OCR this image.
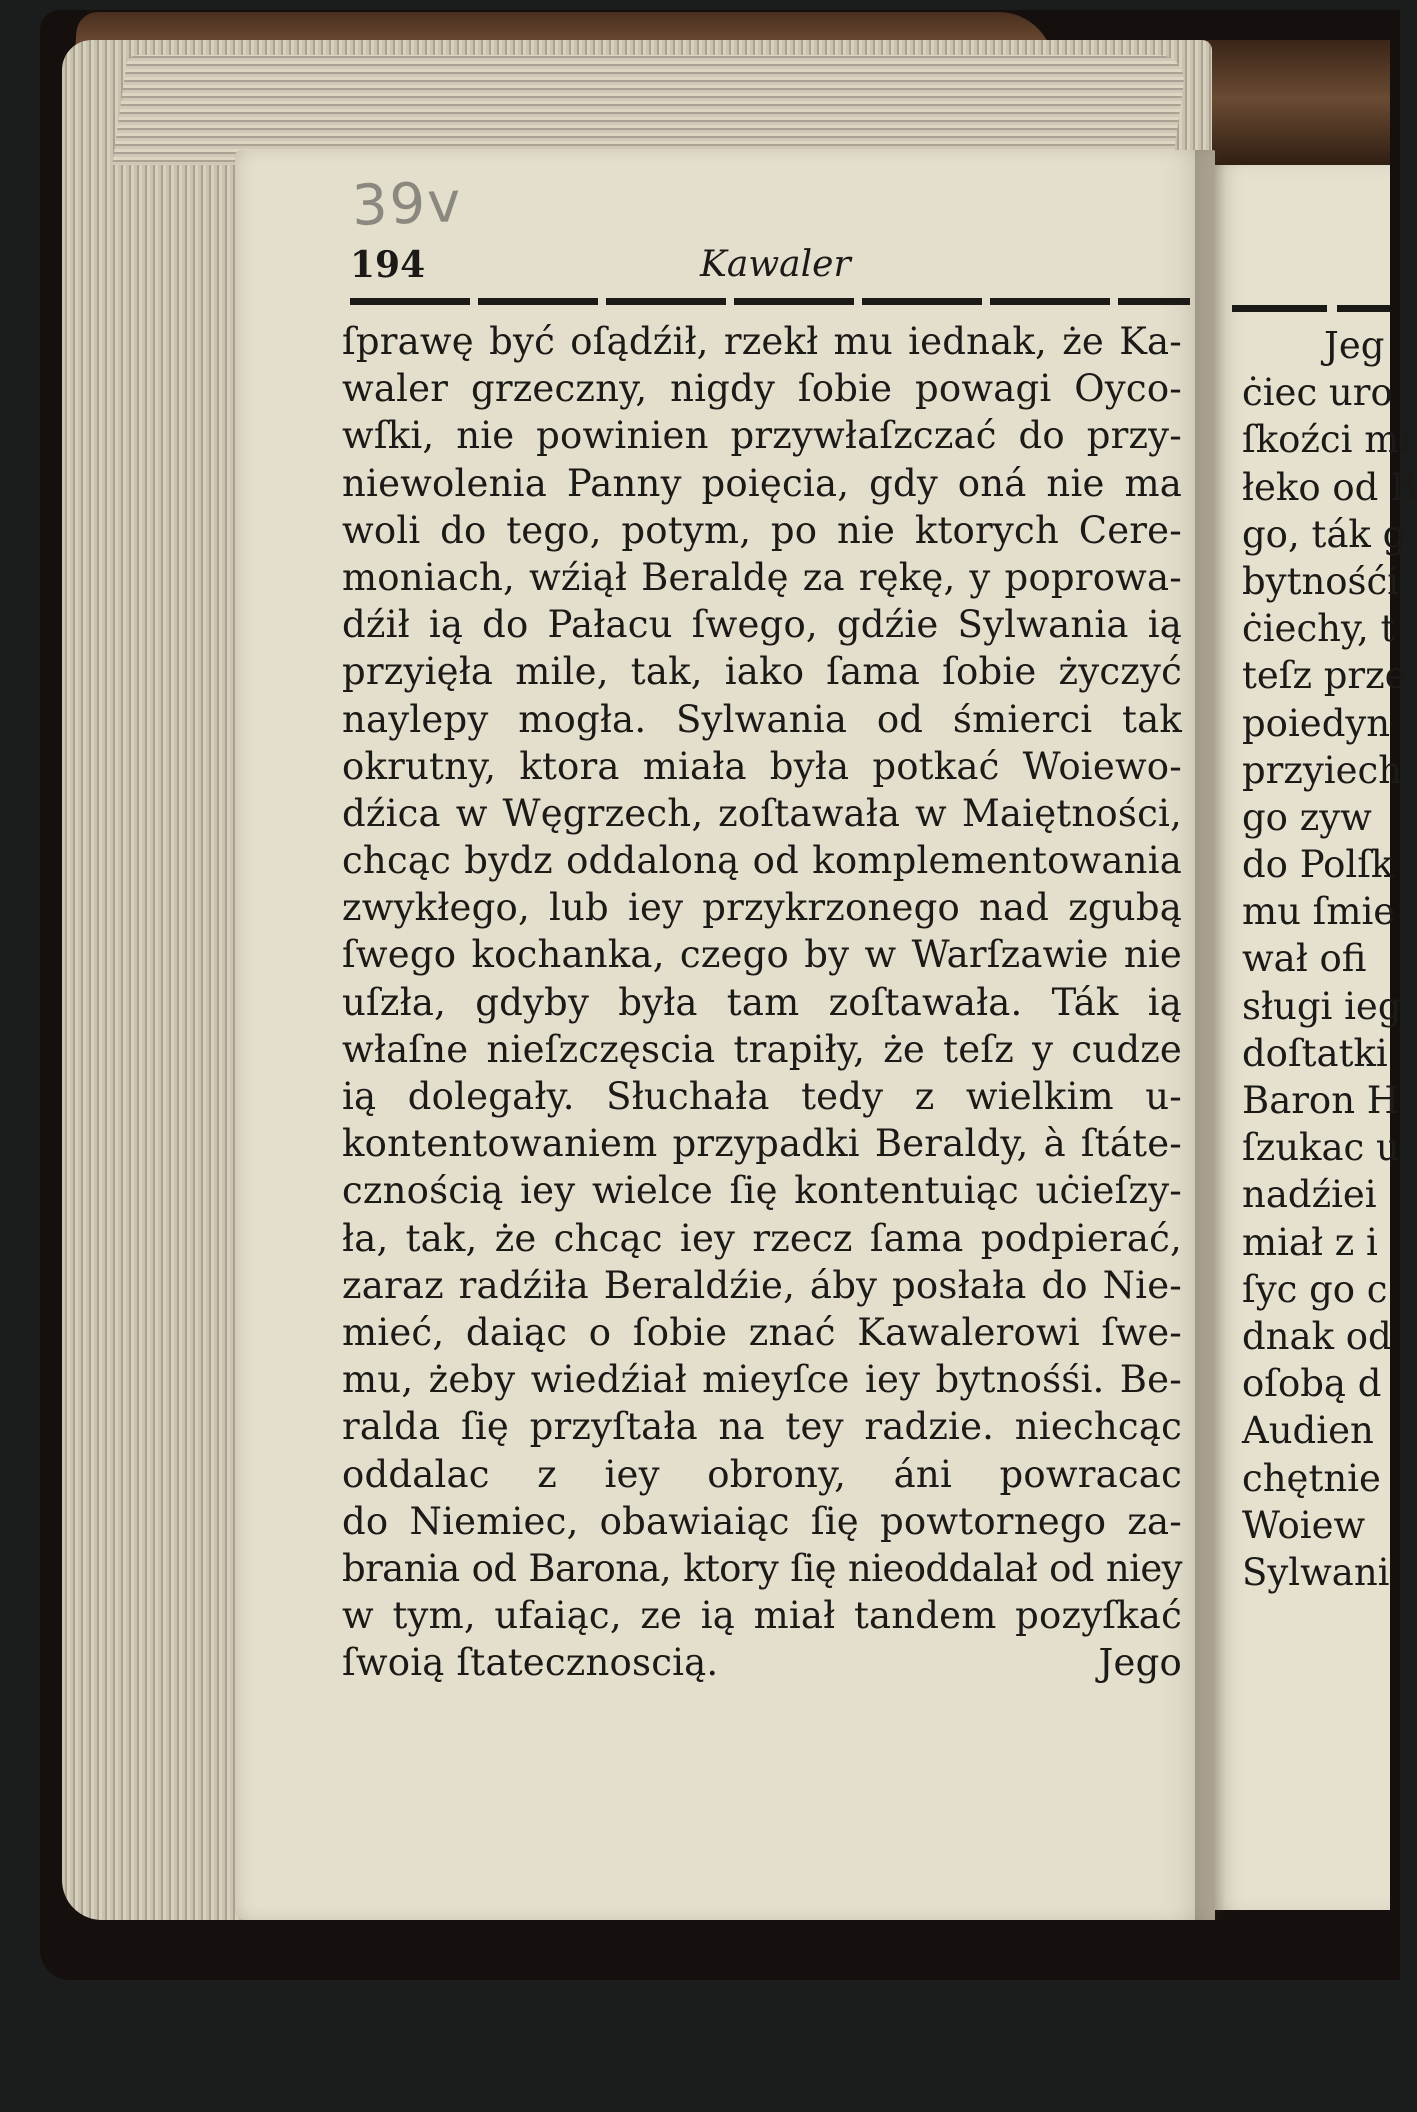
39v
194	Kawaler
ſprawę być oſądźił, rzekł mu iednak, że Ka-
waler grzeczny, nigdy ſobie powagi Oyco-
wſki, nie powinien przywłaſzczać do przy-
niewolenia Panny poięcia, gdy oná nie ma
woli do tego, potym, po nie ktorych Cere-
moniach, wźiął Beraldę za rękę, y poprowa-
dźił ią do Pałacu ſwego, gdźie Sylwania ią
przyięła mile, tak, iako ſama ſobie życzyć
naylepy mogła. Sylwania od śmierci tak
okrutny, ktora miała była potkać Woiewo-
dźica w Węgrzech, zoſtawała w Maiętności,
chcąc bydz oddaloną od komplementowania
zwykłego, lub iey przykrzonego nad zgubą
ſwego kochanka, czego by w Warſzawie nie
uſzła, gdyby była tam zoſtawała. Ták ią
właſne nieſzczęscia trapiły, że teſz y cudze
ią dolegały. Słuchała tedy z wielkim u-
kontentowaniem przypadki Beraldy, à ſtáte-
cznością iey wielce ſię kontentuiąc uċieſzy-
ła, tak, że chcąc iey rzecz ſama podpierać,
zaraz radźiła Beraldźie, áby posłała do Nie-
mieć, daiąc o ſobie znać Kawalerowi ſwe-
mu, żeby wiedźiał mieyſce iey bytnośśi. Be-
ralda ſię przyſtała na tey radzie. niechcąc
oddalac z iey obrony, áni powracac
do Niemiec, obawiaiąc ſię powtornego za-
brania od Barona, ktory ſię nieoddalał od niey
w tym, ufaiąc, ze ią miał tandem pozyſkać
ſwoią ſtatecznoscią.	Jego
Jeg
ċiec uro
ſkoźci mi
łeko od B
go, ták g
bytnośći
ċiechy, t
teſz prze
poiedyn
przyiech
go zyw
do Polſk
mu ſmie
wał ofi
sługi ieg
doſtatki
Baron H
ſzukac u
nadźiei
miał z i
ſyc go c
dnak od
oſobą d
Audien
chętnie
Woiew
Sylwani
